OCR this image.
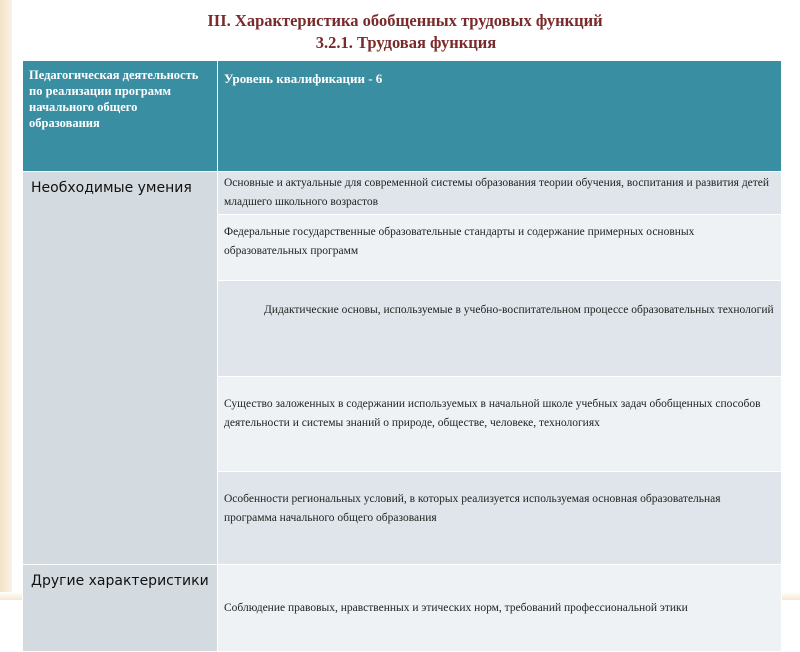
III. Характеристика обобщенных трудовых функций
3.2.1. Трудовая функция
Педагогическая деятельность по реализации программ начального общего образования	Уровень квалификации - 6
Необходимые умения	Основные и актуальные для современной системы образования теории обучения, воспитания и развития детей младшего школьного возрастов
	Федеральные государственные образовательные стандарты и содержание примерных основных образовательных программ
	Дидактические основы, используемые в учебно-воспитательном процессе образовательных технологий
	Существо заложенных в содержании используемых в начальной школе учебных задач обобщенных способов деятельности и системы знаний о природе, обществе, человеке, технологиях
	Особенности региональных условий, в которых реализуется используемая основная образовательная программа начального общего образования
Другие характеристики	Соблюдение правовых, нравственных и этических норм, требований профессиональной этики
